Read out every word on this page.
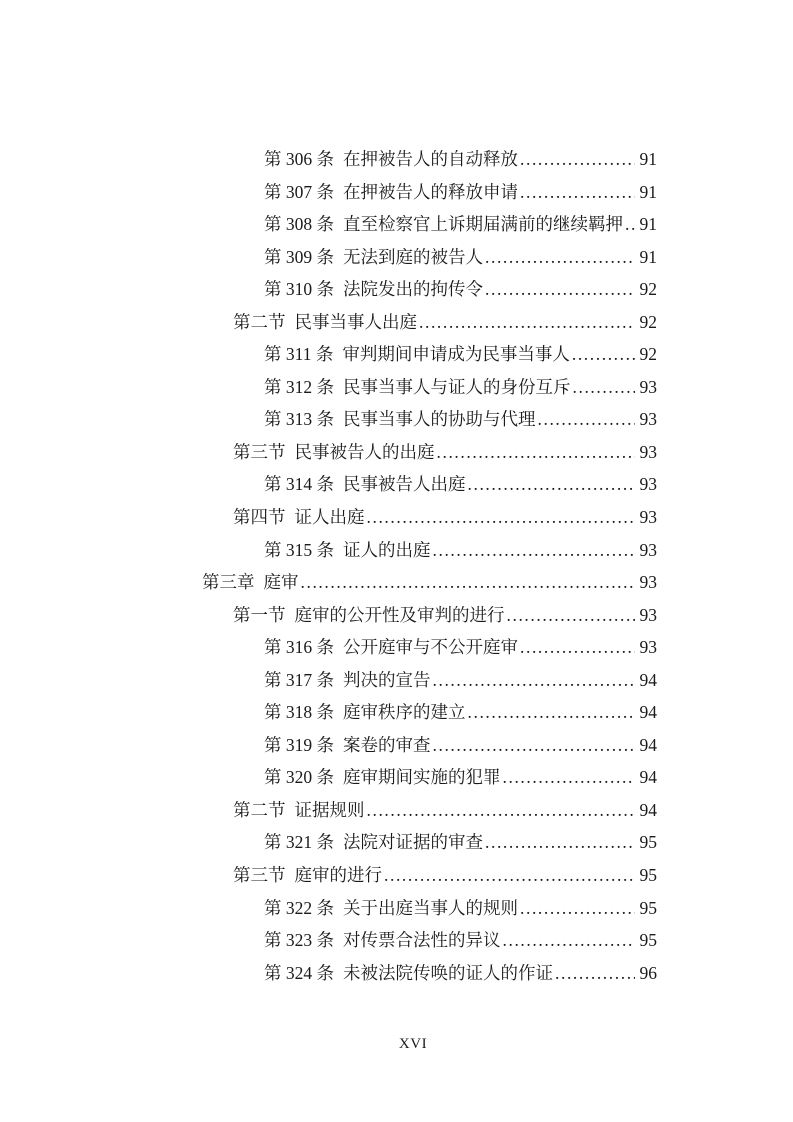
第 306 条 在押被告人的自动释放 .....	91
第 307 条 在押被告人的释放申请 .....	91
第 308 条 直至检察官上诉期届满前的继续羁押 ..... 91
第 309 条 无法到庭的被告人 .....	91
第 310 条 法院发出的拘传令 .....	92
第二节 民事当事人出庭 .....	92
第 311 条 审判期间申请成为民事当事人 .....	92
第 312 条 民事当事人与证人的身份互斥 .....	93
第 313 条 民事当事人的协助与代理 .....	93
第三节 民事被告人的出庭 .....	93
第 314 条 民事被告人出庭 .....	93
第四节 证人出庭 .....	93
第 315 条 证人的出庭 .....	93
第三章 庭审 .....	93
第一节 庭审的公开性及审判的进行 .....	93
第 316 条 公开庭审与不公开庭审 .....	93
第 317 条 判决的宣告 .....	94
第 318 条 庭审秩序的建立 .....	94
第 319 条 案卷的审查 .....	94
第 320 条 庭审期间实施的犯罪 .....	94
第二节 证据规则 .....	94
第 321 条 法院对证据的审查 .....	95
第三节 庭审的进行 .....	95
第 322 条 关于出庭当事人的规则 .....	95
第 323 条 对传票合法性的异议 .....	95
第 324 条 未被法院传唤的证人的作证 .....	96
XVI
